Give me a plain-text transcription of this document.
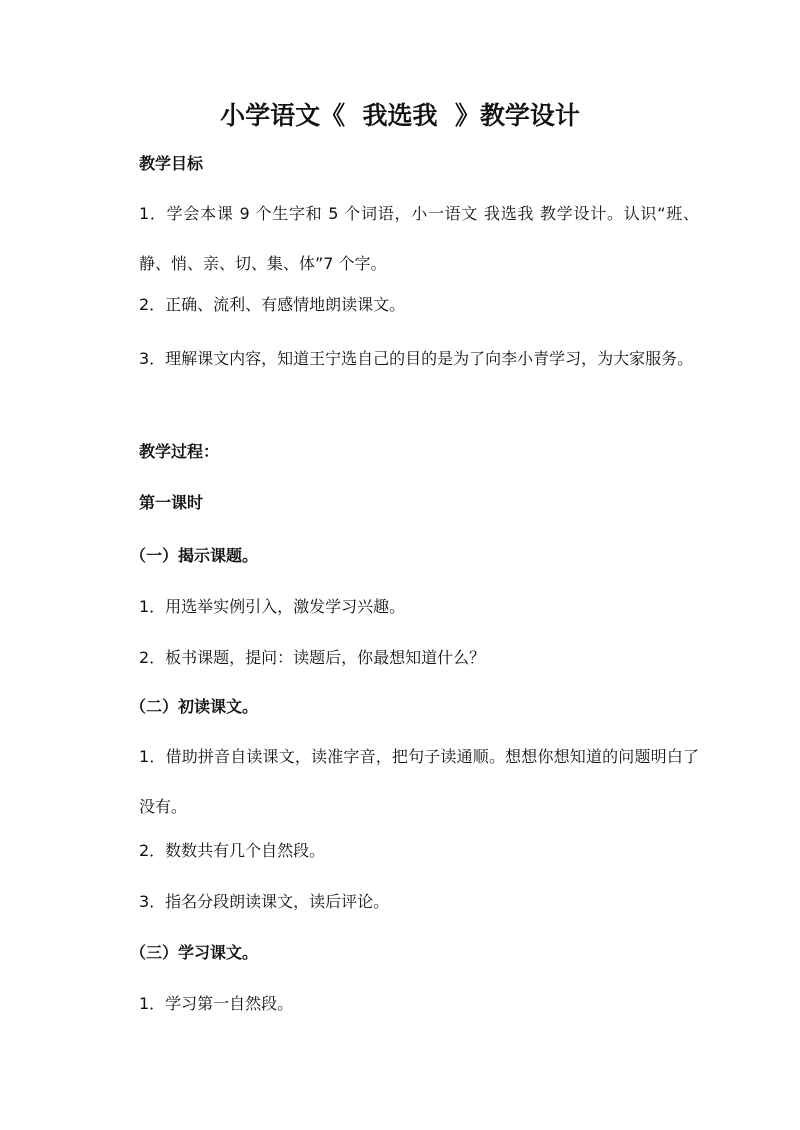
小学语文《  我选我  》教学设计
教学目标
1．学会本课 9 个生字和 5 个词语，小一语文 我选我 教学设计。认识“班、静、悄、亲、切、集、体”7 个字。
2．正确、流利、有感情地朗读课文。
3．理解课文内容，知道王宁选自己的目的是为了向李小青学习，为大家服务。
教学过程：
第一课时
（一）揭示课题。
1．用选举实例引入，激发学习兴趣。
2．板书课题，提问：读题后，你最想知道什么？
（二）初读课文。
1．借助拼音自读课文，读准字音，把句子读通顺。想想你想知道的问题明白了没有。
2．数数共有几个自然段。
3．指名分段朗读课文，读后评论。
（三）学习课文。
1．学习第一自然段。
